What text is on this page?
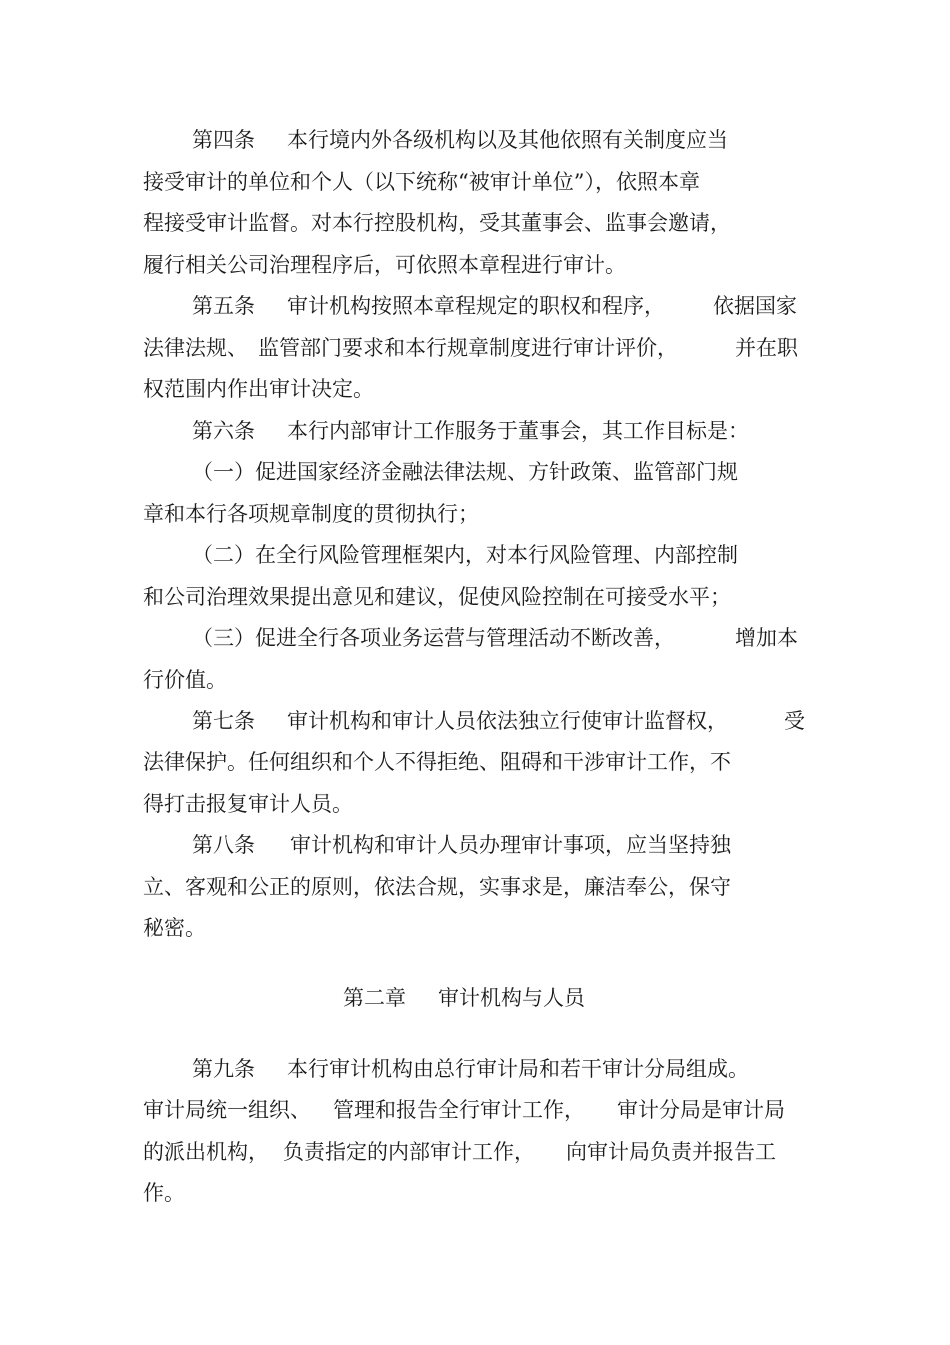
第四条

本行境内外各级机构以及其他依照有关制度应当

接受审计的单位和个人（以下统称“被审计单位”），依照本章

程接受审计监督。对本行控股机构，受其董事会、监事会邀请，

履行相关公司治理程序后，可依照本章程进行审计。

第五条

审计机构按照本章程规定的职权和程序，

依据国家

法律法规、

监管部门要求和本行规章制度进行审计评价，

	并在职

权范围内作出审计决定。

第六条

本行内部审计工作服务于董事会，其工作目标是：

（一）促进国家经济金融法律法规、方针政策、监管部门规

章和本行各项规章制度的贯彻执行；

（二）在全行风险管理框架内，对本行风险管理、内部控制

和公司治理效果提出意见和建议，促使风险控制在可接受水平；

（三）促进全行各项业务运营与管理活动不断改善，

	增加本

行价值。

第七条

审计机构和审计人员依法独立行使审计监督权，

	受

法律保护。任何组织和个人不得拒绝、阻碍和干涉审计工作，不

得打击报复审计人员。

第八条

审计机构和审计人员办理审计事项，应当坚持独

立、客观和公正的原则，依法合规，实事求是，廉洁奉公，保守

秘密。

第二章

审计机构与人员

第九条

本行审计机构由总行审计局和若干审计分局组成。

审计局统一组织、

管理和报告全行审计工作，

审计分局是审计局

的派出机构，

负责指定的内部审计工作，

向审计局负责并报告工

作。
